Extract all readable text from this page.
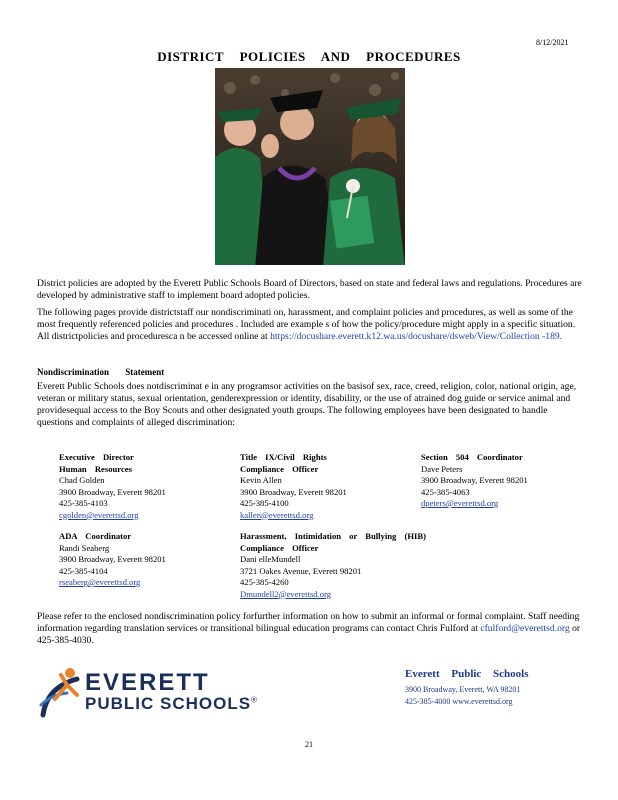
8/12/2021
DISTRICT POLICIES AND PROCEDURES
District policies are adopted by the Everett Public Schools Board of Directors, based on state and federal laws and regulations. Procedures are developed by administrative staff to implement board adopted policies.
The following pages provide districtstaff our nondiscriminati on, harassment, and complaint policies and procedures, as well as some of the most frequently referenced policies and procedures . Included are example s of how the policy/procedure might apply in a specific situation. All districtpolicies and proceduresca n be accessed online at https://docushare.everett.k12.wa.us/docushare/dsweb/View/Collection -189.
Nondiscrimination Statement
Everett Public Schools does notdiscriminat e in any programsor activities on the basisof sex, race, creed, religion, color, national origin, age, veteran or military status, sexual orientation, genderexpression or identity, disability, or the use of atrained dog guide or service animal and providesequal access to the Boy Scouts and other designated youth groups. The following employees have been designated to handle questions and complaints of alleged discrimination:
Executive Director
Human Resources
Chad Golden
3900 Broadway, Everett 98201
425-385-4103
cgolden@everettsd.org
Title IX/Civil Rights
Compliance Officer
Kevin Allen
3900 Broadway, Everett 98201
425-385-4100
kallen@everettsd.org
Section 504 Coordinator
Dave Peters
3900 Broadway, Everett 98201
425-385-4063
dpeters@everettsd.org
ADA Coordinator
Randi Seaberg
3900 Broadway, Everett 98201
425-385-4104
rseaberg@everettsd.org
Harassment, Intimidation or Bullying (HIB)
Compliance Officer
Dani elleMundell
3721 Oakes Avenue, Everett 98201
425-385-4260
Dmundell2@everettsd.org
Please refer to the enclosed nondiscrimination policy forfurther information on how to submit an informal or formal complaint. Staff needing information regarding translation services or transitional bilingual education programs can contact Chris Fulford at cfulford@everettsd.org or 425-385-4030.
EVERETT
PUBLIC SCHOOLS®
Everett Public Schools
3900 Broadway, Everett, WA 98201
425-385-4000 www.everettsd.org
21
